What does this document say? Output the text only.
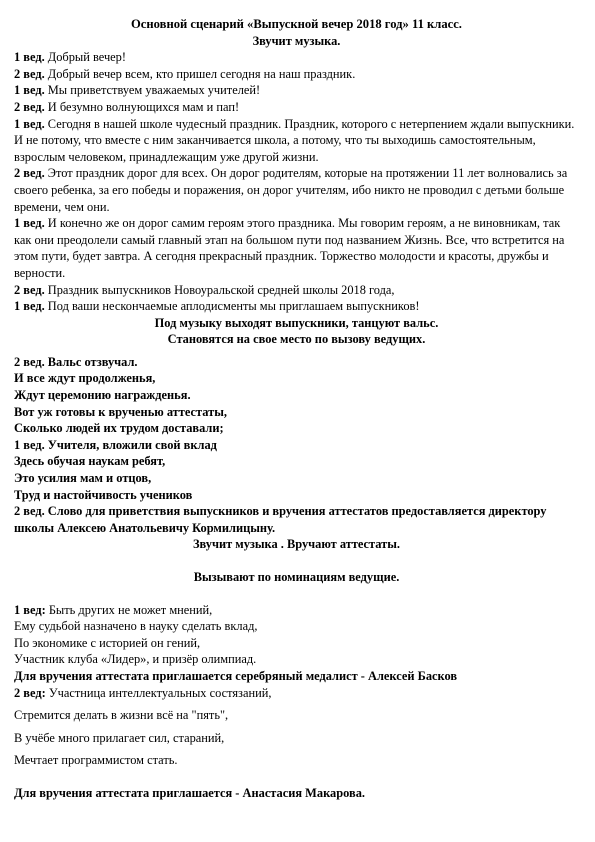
Основной сценарий «Выпускной вечер 2018 год» 11 класс.
Звучит музыка.
1 вед. Добрый вечер!
2 вед. Добрый вечер всем, кто пришел сегодня на наш праздник.
1 вед. Мы приветствуем уважаемых учителей!
2 вед. И безумно волнующихся мам и пап!
1 вед. Сегодня в нашей школе чудесный праздник. Праздник, которого с нетерпением ждали выпускники. И не потому, что вместе с ним заканчивается школа, а потому, что ты выходишь самостоятельным, взрослым человеком, принадлежащим уже другой жизни.
2 вед. Этот праздник дорог для всех. Он дорог родителям, которые на протяжении 11 лет волновались за своего ребенка, за его победы и поражения, он дорог учителям, ибо никто не проводил с детьми больше времени, чем они.
1 вед. И конечно же он дорог самим героям этого праздника. Мы говорим героям, а не виновникам, так как они преодолели самый главный этап на большом пути под названием Жизнь. Все, что встретится на этом пути, будет завтра. А сегодня прекрасный праздник. Торжество молодости и красоты, дружбы и верности.
2 вед. Праздник выпускников Новоуральской средней школы 2018 года,
1 вед. Под ваши нескончаемые аплодисменты мы приглашаем выпускников!
Под музыку выходят выпускники, танцуют вальс.
Становятся на свое место по вызову ведущих.
2 вед. Вальс отзвучал.
И все ждут продолженья,
Ждут церемонию награжденья.
Вот уж готовы к врученью аттестаты,
Сколько людей их трудом доставали;
1 вед. Учителя, вложили свой вклад
Здесь обучая наукам ребят,
Это усилия мам и отцов,
Труд и настойчивость учеников
2 вед. Слово для приветствия выпускников и вручения аттестатов предоставляется директору школы Алексею Анатольевичу Кормилицыну.
Звучит музыка . Вручают аттестаты.
Вызывают по номинациям ведущие.
1 вед: Быть других не может мнений,
Ему судьбой назначено в науку сделать вклад,
По экономике с историей он гений,
Участник клуба «Лидер», и призёр олимпиад.
Для вручения аттестата приглашается серебряный медалист - Алексей Басков
2 вед: Участница интеллектуальных состязаний,
Стремится делать в жизни всё на "пять",
В учёбе много прилагает сил, стараний,
Мечтает программистом стать.
Для вручения аттестата приглашается - Анастасия Макарова.
